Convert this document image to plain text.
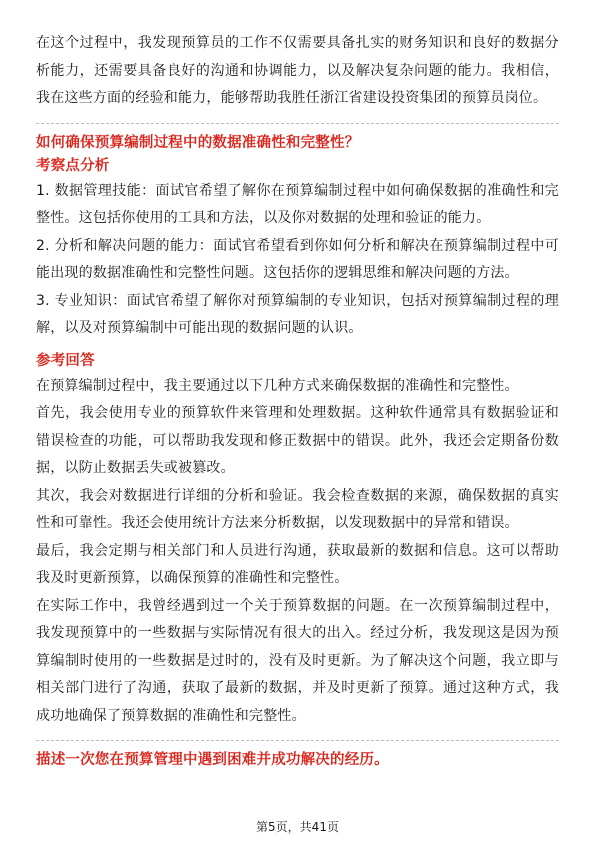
在这个过程中，我发现预算员的工作不仅需要具备扎实的财务知识和良好的数据分析能力，还需要具备良好的沟通和协调能力，以及解决复杂问题的能力。我相信，我在这些方面的经验和能力，能够帮助我胜任浙江省建设投资集团的预算员岗位。

如何确保预算编制过程中的数据准确性和完整性？

考察点分析

1. 数据管理技能：面试官希望了解你在预算编制过程中如何确保数据的准确性和完整性。这包括你使用的工具和方法，以及你对数据的处理和验证的能力。

2. 分析和解决问题的能力：面试官希望看到你如何分析和解决在预算编制过程中可能出现的数据准确性和完整性问题。这包括你的逻辑思维和解决问题的方法。

3. 专业知识：面试官希望了解你对预算编制的专业知识，包括对预算编制过程的理解，以及对预算编制中可能出现的数据问题的认识。

参考回答

在预算编制过程中，我主要通过以下几种方式来确保数据的准确性和完整性。

首先，我会使用专业的预算软件来管理和处理数据。这种软件通常具有数据验证和错误检查的功能，可以帮助我发现和修正数据中的错误。此外，我还会定期备份数据，以防止数据丢失或被篡改。

其次，我会对数据进行详细的分析和验证。我会检查数据的来源，确保数据的真实性和可靠性。我还会使用统计方法来分析数据，以发现数据中的异常和错误。

最后，我会定期与相关部门和人员进行沟通，获取最新的数据和信息。这可以帮助我及时更新预算，以确保预算的准确性和完整性。

在实际工作中，我曾经遇到过一个关于预算数据的问题。在一次预算编制过程中，我发现预算中的一些数据与实际情况有很大的出入。经过分析，我发现这是因为预算编制时使用的一些数据是过时的，没有及时更新。为了解决这个问题，我立即与相关部门进行了沟通，获取了最新的数据，并及时更新了预算。通过这种方式，我成功地确保了预算数据的准确性和完整性。

描述一次您在预算管理中遇到困难并成功解决的经历。

第5页，共41页
